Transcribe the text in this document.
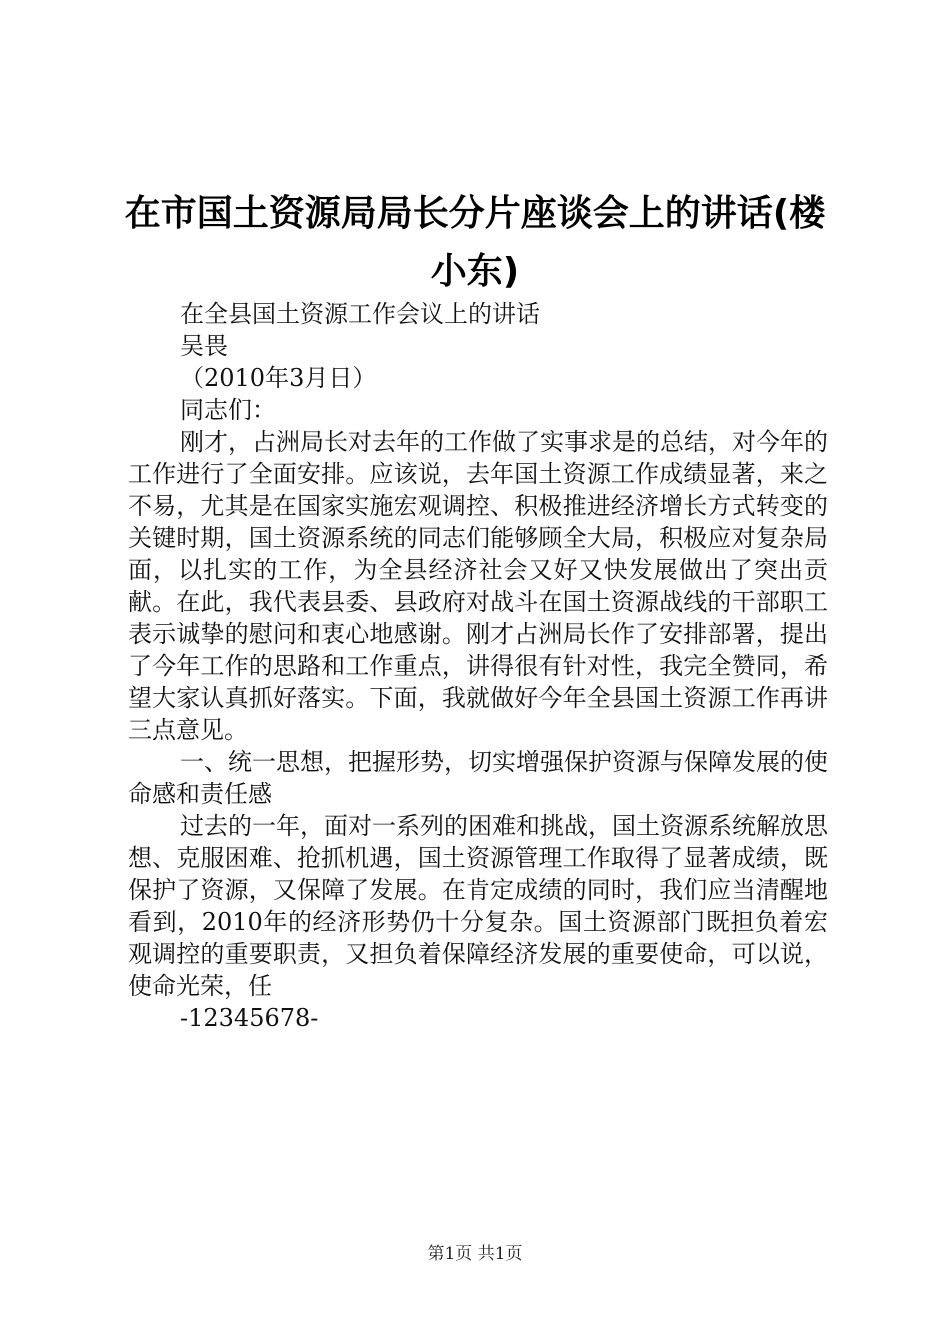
在市国土资源局局长分片座谈会上的讲话(楼小东)

在全县国土资源工作会议上的讲话

吴畏

（2010年3月日）

同志们：

刚才，占洲局长对去年的工作做了实事求是的总结，对今年的工作进行了全面安排。应该说，去年国土资源工作成绩显著，来之不易，尤其是在国家实施宏观调控、积极推进经济增长方式转变的关键时期，国土资源系统的同志们能够顾全大局，积极应对复杂局面，以扎实的工作，为全县经济社会又好又快发展做出了突出贡献。在此，我代表县委、县政府对战斗在国土资源战线的干部职工表示诚挚的慰问和衷心地感谢。刚才占洲局长作了安排部署，提出了今年工作的思路和工作重点，讲得很有针对性，我完全赞同，希望大家认真抓好落实。下面，我就做好今年全县国土资源工作再讲三点意见。

一、统一思想，把握形势，切实增强保护资源与保障发展的使命感和责任感

过去的一年，面对一系列的困难和挑战，国土资源系统解放思想、克服困难、抢抓机遇，国土资源管理工作取得了显著成绩，既保护了资源，又保障了发展。在肯定成绩的同时，我们应当清醒地看到，2010年的经济形势仍十分复杂。国土资源部门既担负着宏观调控的重要职责，又担负着保障经济发展的重要使命，可以说，使命光荣，任

-12345678-

第1页 共1页
